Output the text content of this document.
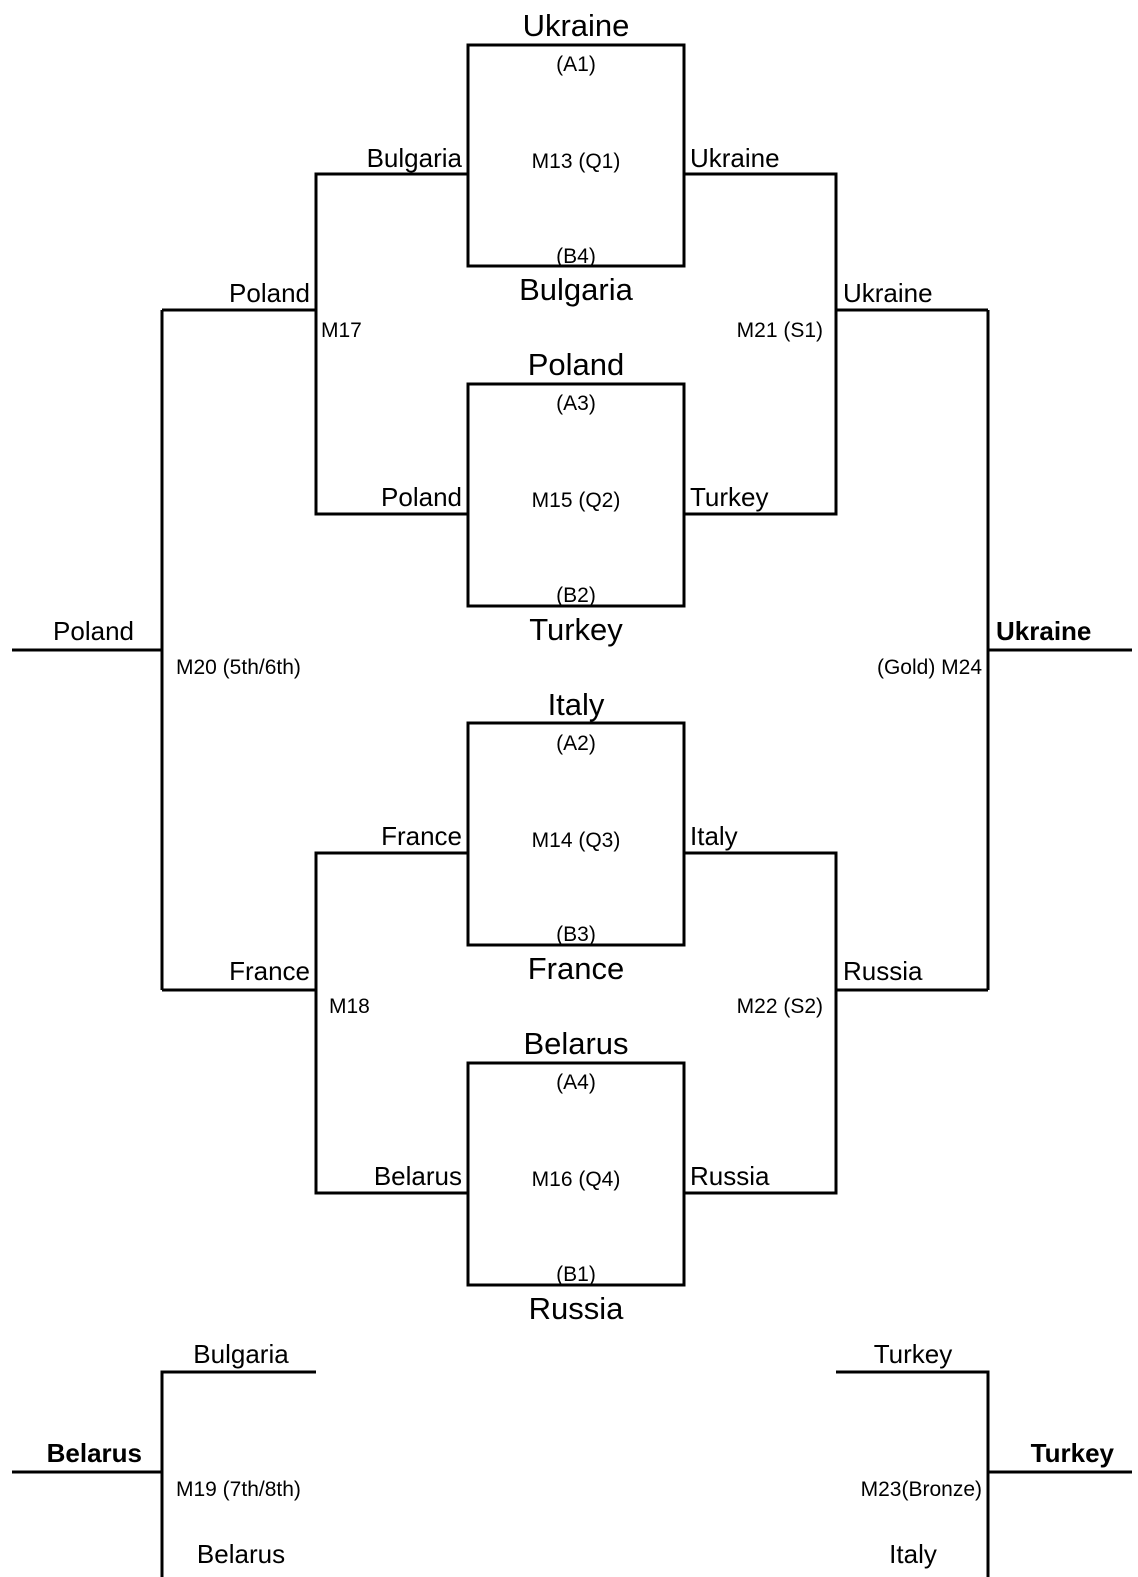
Ukraine
(A1)
M13 (Q1)
(B4)
Bulgaria
Poland
(A3)
M15 (Q2)
(B2)
Turkey
Italy
(A2)
M14 (Q3)
(B3)
France
Belarus
(A4)
M16 (Q4)
(B1)
Russia
Bulgaria
Poland
M17
Poland
France
Belarus
M18
France
M20 (5th/6th)
Poland
Ukraine
Turkey
M21 (S1)
Ukraine
Italy
Russia
M22 (S2)
Russia
(Gold) M24
Ukraine
Bulgaria
M19 (7th/8th)
Belarus
Belarus
Turkey
M23(Bronze)
Italy
Turkey
